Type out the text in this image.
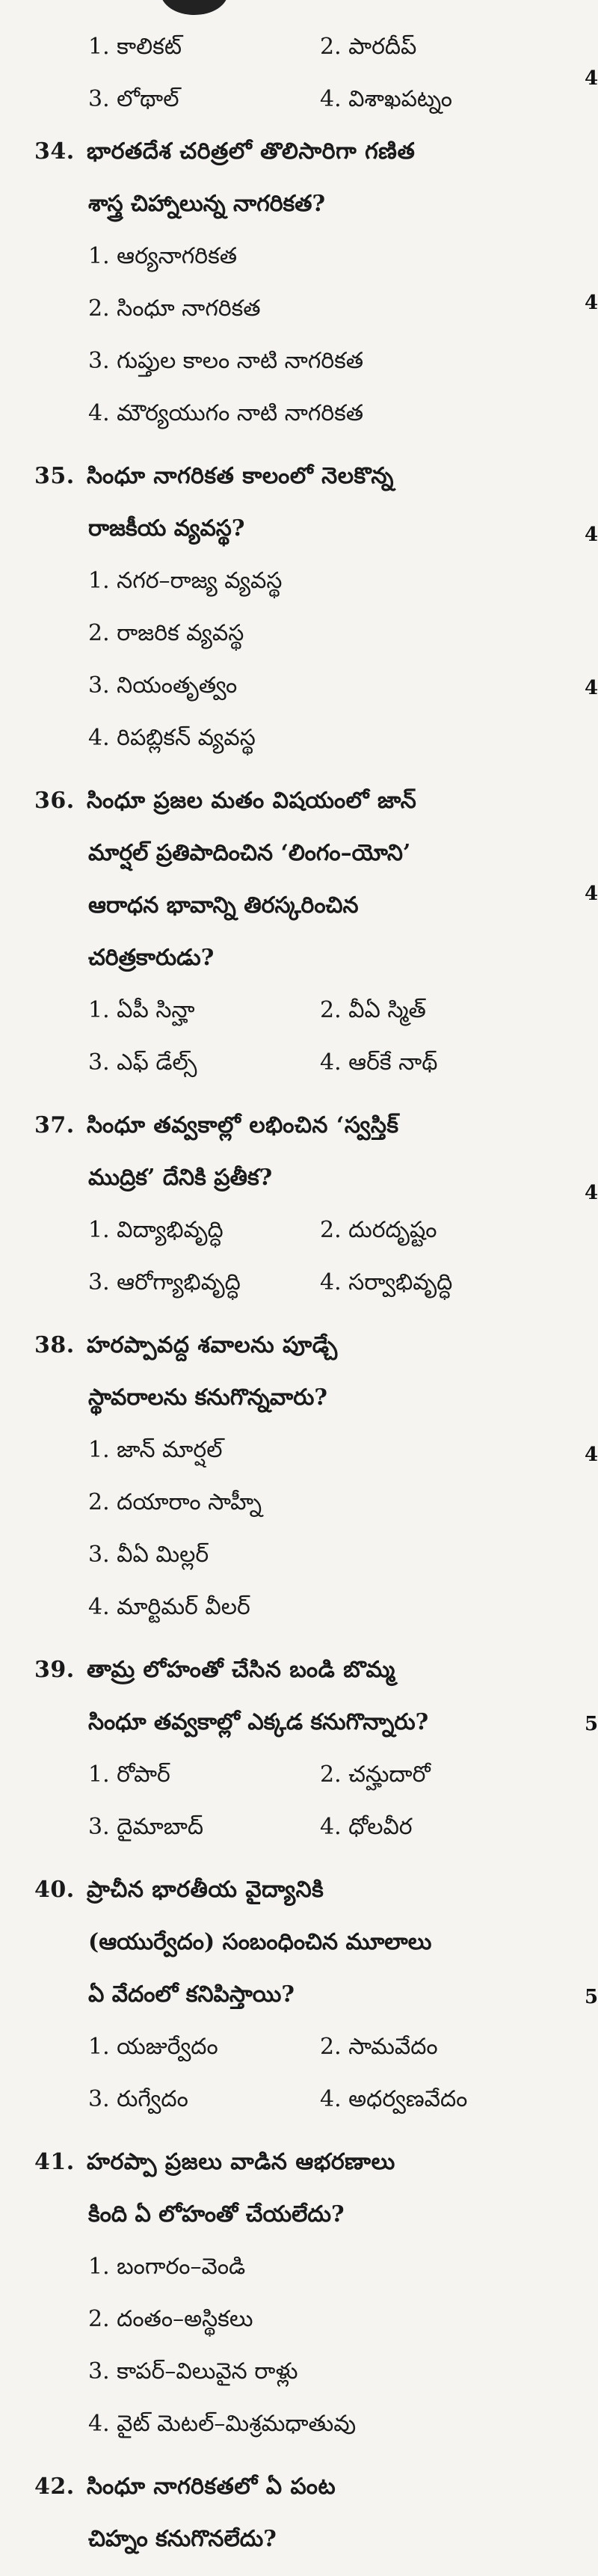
1. కాలికట్	2. పారదీప్
3. లోథాల్	4. విశాఖపట్నం
34. భారతదేశ చరిత్రలో తొలిసారిగా గణిత
శాస్త్ర చిహ్నాలున్న నాగరికత?
1. ఆర్యనాగరికత
2. సింధూ నాగరికత
3. గుప్తుల కాలం నాటి నాగరికత
4. మౌర్యయుగం నాటి నాగరికత
35. సింధూ నాగరికత కాలంలో నెలకొన్న
రాజకీయ వ్యవస్థ?
1. నగర–రాజ్య వ్యవస్థ
2. రాజరిక వ్యవస్థ
3. నియంతృత్వం
4. రిపబ్లికన్ వ్యవస్థ
36. సింధూ ప్రజల మతం విషయంలో జాన్
మార్షల్ ప్రతిపాదించిన ‘లింగం–యోని’
ఆరాధన భావాన్ని తిరస్కరించిన
చరిత్రకారుడు?
1. ఏపీ సిన్హా	2. వీఏ స్మిత్
3. ఎఫ్ డేల్స్	4. ఆర్‌కే నాథ్
37. సింధూ తవ్వకాల్లో లభించిన ‘స్వస్తిక్
ముద్రిక’ దేనికి ప్రతీక?
1. విద్యాభివృద్ధి	2. దురదృష్టం
3. ఆరోగ్యాభివృద్ధి	4. సర్వాభివృద్ధి
38. హరప్పావద్ద శవాలను పూడ్చే
స్థావరాలను కనుగొన్నవారు?
1. జాన్ మార్షల్
2. దయారాం సాహ్నీ
3. వీఏ మిల్లర్
4. మార్టిమర్ వీలర్
39. తామ్ర లోహంతో చేసిన బండి బొమ్మ
సింధూ తవ్వకాల్లో ఎక్కడ కనుగొన్నారు?
1. రోపార్	2. చన్హుదారో
3. దైమాబాద్	4. ధోలవీర
40. ప్రాచీన భారతీయ వైద్యానికి
(ఆయుర్వేదం) సంబంధించిన మూలాలు
ఏ వేదంలో కనిపిస్తాయి?
1. యజుర్వేదం	2. సామవేదం
3. రుగ్వేదం	4. అధర్వణవేదం
41. హరప్పా ప్రజలు వాడిన ఆభరణాలు
కింది ఏ లోహంతో చేయలేదు?
1. బంగారం–వెండి
2. దంతం–అస్థికలు
3. కాపర్–విలువైన రాళ్లు
4. వైట్ మెటల్–మిశ్రమధాతువు
42. సింధూ నాగరికతలో ఏ పంట
చిహ్నం కనుగొనలేదు?
4
4
4
4
4
4
4
5
5
